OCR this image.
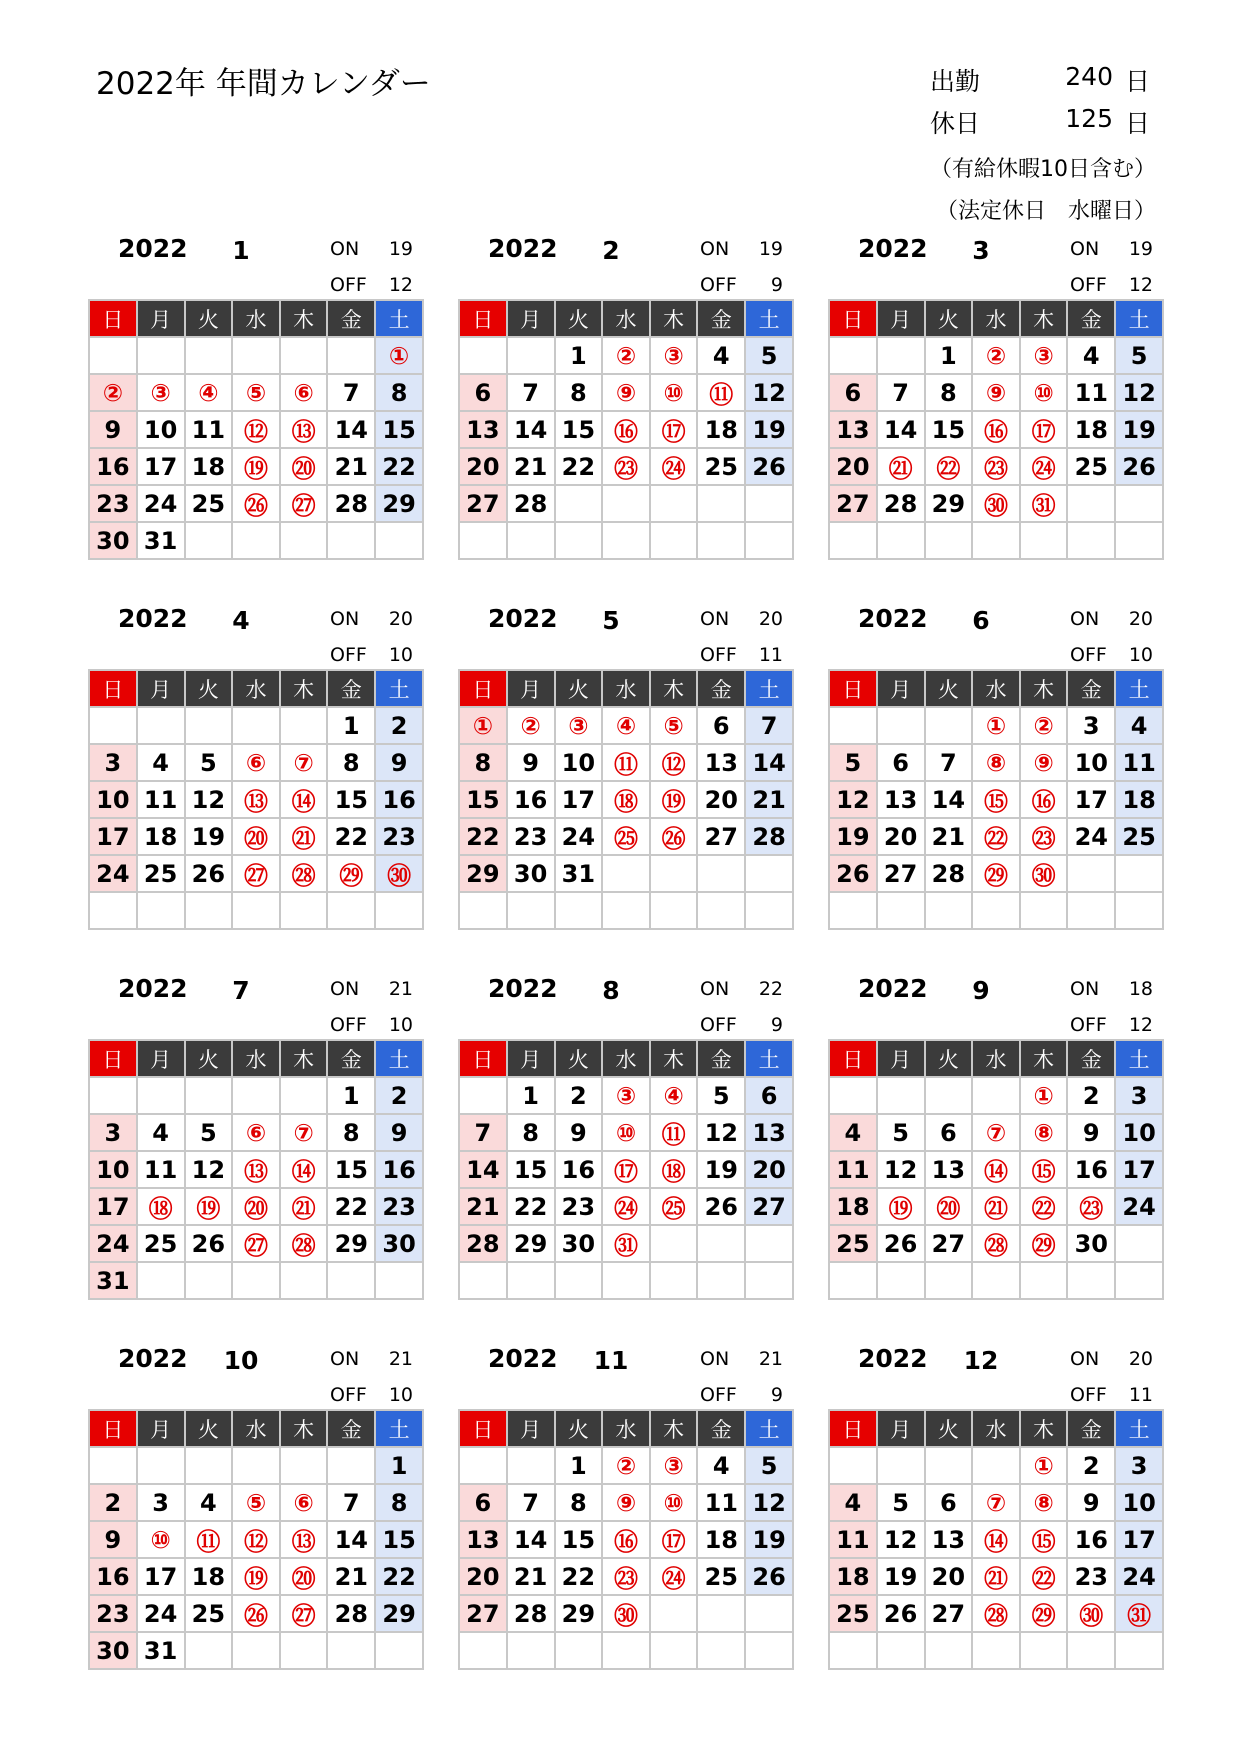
2022年 年間カレンダー	出勤	240 日
休日	125 日
（有給休暇10日含む）
（法定休日　水曜日）
2022	1	ON	19
OFF	12
日	月	火	水	木	金	土
						①
②	③	④	⑤	⑥	7	8
9	10	11	⑫	⑬	14	15
16	17	18	⑲	⑳	21	22
23	24	25	㉖	㉗	28	29
30	31					
2022	2	ON	19
OFF	9
日	月	火	水	木	金	土
		1	②	③	4	5
6	7	8	⑨	⑩	⑪	12
13	14	15	⑯	⑰	18	19
20	21	22	㉓	㉔	25	26
27	28					

2022	3	ON	19
OFF	12
日	月	火	水	木	金	土
		1	②	③	4	5
6	7	8	⑨	⑩	11	12
13	14	15	⑯	⑰	18	19
20	㉑	㉒	㉓	㉔	25	26
27	28	29	㉚	㉛		

2022	4	ON	20
OFF	10
日	月	火	水	木	金	土
					1	2
3	4	5	⑥	⑦	8	9
10	11	12	⑬	⑭	15	16
17	18	19	⑳	㉑	22	23
24	25	26	㉗	㉘	㉙	㉚

2022	5	ON	20
OFF	11
日	月	火	水	木	金	土
①	②	③	④	⑤	6	7
8	9	10	⑪	⑫	13	14
15	16	17	⑱	⑲	20	21
22	23	24	㉕	㉖	27	28
29	30	31				

2022	6	ON	20
OFF	10
日	月	火	水	木	金	土
			①	②	3	4
5	6	7	⑧	⑨	10	11
12	13	14	⑮	⑯	17	18
19	20	21	㉒	㉓	24	25
26	27	28	㉙	㉚		

2022	7	ON	21
OFF	10
日	月	火	水	木	金	土
					1	2
3	4	5	⑥	⑦	8	9
10	11	12	⑬	⑭	15	16
17	⑱	⑲	⑳	㉑	22	23
24	25	26	㉗	㉘	29	30
31						
2022	8	ON	22
OFF	9
日	月	火	水	木	金	土
	1	2	③	④	5	6
7	8	9	⑩	⑪	12	13
14	15	16	⑰	⑱	19	20
21	22	23	㉔	㉕	26	27
28	29	30	㉛			

2022	9	ON	18
OFF	12
日	月	火	水	木	金	土
				①	2	3
4	5	6	⑦	⑧	9	10
11	12	13	⑭	⑮	16	17
18	⑲	⑳	㉑	㉒	㉓	24
25	26	27	㉘	㉙	30	

2022	10	ON	21
OFF	10
日	月	火	水	木	金	土
						1
2	3	4	⑤	⑥	7	8
9	⑩	⑪	⑫	⑬	14	15
16	17	18	⑲	⑳	21	22
23	24	25	㉖	㉗	28	29
30	31					
2022	11	ON	21
OFF	9
日	月	火	水	木	金	土
		1	②	③	4	5
6	7	8	⑨	⑩	11	12
13	14	15	⑯	⑰	18	19
20	21	22	㉓	㉔	25	26
27	28	29	㉚			

2022	12	ON	20
OFF	11
日	月	火	水	木	金	土
				①	2	3
4	5	6	⑦	⑧	9	10
11	12	13	⑭	⑮	16	17
18	19	20	㉑	㉒	23	24
25	26	27	㉘	㉙	㉚	㉛
